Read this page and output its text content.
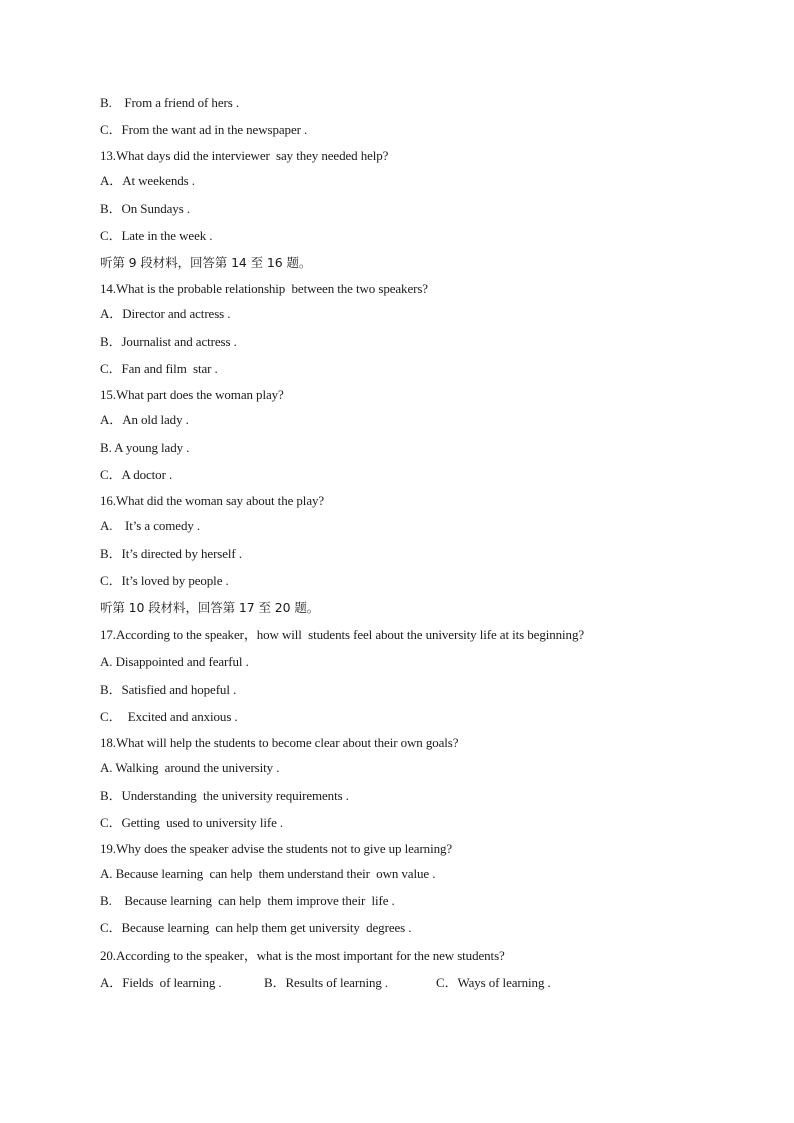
B.    From a friend of hers .
C．From the want ad in the newspaper .
13.What days did the interviewer  say they needed help?
A．At weekends .
B．On Sundays .
C．Late in the week .
听第 9 段材料，回答第 14 至 16 题。
14.What is the probable relationship  between the two speakers?
A．Director and actress .
B．Journalist and actress .
C．Fan and film  star .
15.What part does the woman play?
A．An old lady .
B. A young lady .
C．A doctor .
16.What did the woman say about the play?
A.    It’s a comedy .
B．It’s directed by herself .
C．It’s loved by people .
听第 10 段材料，回答第 17 至 20 题。
17.According to the speaker，how will  students feel about the university life at its beginning?
A. Disappointed and fearful .
B．Satisfied and hopeful .
C．  Excited and anxious .
18.What will help the students to become clear about their own goals?
A. Walking  around the university .
B．Understanding  the university requirements .
C．Getting  used to university life .
19.Why does the speaker advise the students not to give up learning?
A. Because learning  can help  them understand their  own value .
B.    Because learning  can help  them improve their  life .
C．Because learning  can help them get university  degrees .
20.According to the speaker，what is the most important for the new students?

A．Fields  of learning .

	B．Results of learning .

	C．Ways of learning .
